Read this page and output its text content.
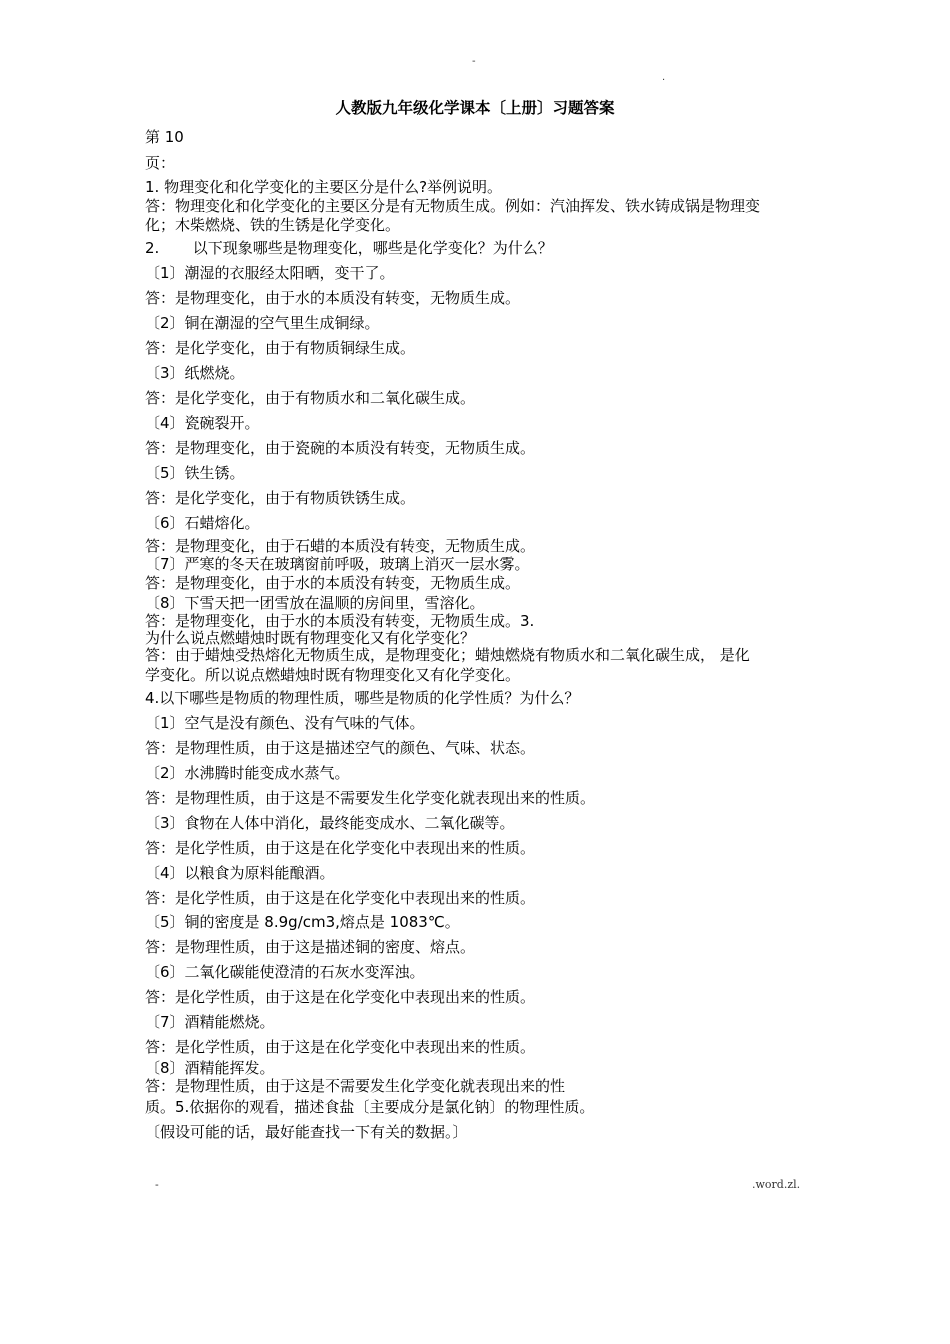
-
.
人教版九年级化学课本〔上册〕习题答案
第 10
页：
1. 物理变化和化学变化的主要区分是什么?举例说明。
答：物理变化和化学变化的主要区分是有无物质生成。例如：汽油挥发、铁水铸成锅是物理变
化；木柴燃烧、铁的生锈是化学变化。
2.       以下现象哪些是物理变化，哪些是化学变化？为什么？
〔1〕潮湿的衣服经太阳晒，变干了。
答：是物理变化，由于水的本质没有转变，无物质生成。
〔2〕铜在潮湿的空气里生成铜绿。
答：是化学变化，由于有物质铜绿生成。
〔3〕纸燃烧。
答：是化学变化，由于有物质水和二氧化碳生成。
〔4〕瓷碗裂开。
答：是物理变化，由于瓷碗的本质没有转变，无物质生成。
〔5〕铁生锈。
答：是化学变化，由于有物质铁锈生成。
〔6〕石蜡熔化。
答：是物理变化，由于石蜡的本质没有转变，无物质生成。
〔7〕严寒的冬天在玻璃窗前呼吸，玻璃上消灭一层水雾。
答：是物理变化，由于水的本质没有转变，无物质生成。
〔8〕下雪天把一团雪放在温顺的房间里，雪溶化。
答：是物理变化，由于水的本质没有转变，无物质生成。3.
为什么说点燃蜡烛时既有物理变化又有化学变化？
答：由于蜡烛受热熔化无物质生成，是物理变化；蜡烛燃烧有物质水和二氧化碳生成， 是化
学变化。所以说点燃蜡烛时既有物理变化又有化学变化。
4.以下哪些是物质的物理性质，哪些是物质的化学性质？为什么？
〔1〕空气是没有颜色、没有气味的气体。
答：是物理性质，由于这是描述空气的颜色、气味、状态。
〔2〕水沸腾时能变成水蒸气。
答：是物理性质，由于这是不需要发生化学变化就表现出来的性质。
〔3〕食物在人体中消化，最终能变成水、二氧化碳等。
答：是化学性质，由于这是在化学变化中表现出来的性质。
〔4〕以粮食为原料能酿酒。
答：是化学性质，由于这是在化学变化中表现出来的性质。
〔5〕铜的密度是 8.9g/cm3,熔点是 1083℃。
答：是物理性质，由于这是描述铜的密度、熔点。
〔6〕二氧化碳能使澄清的石灰水变浑浊。
答：是化学性质，由于这是在化学变化中表现出来的性质。
〔7〕酒精能燃烧。
答：是化学性质，由于这是在化学变化中表现出来的性质。
〔8〕酒精能挥发。
答：是物理性质，由于这是不需要发生化学变化就表现出来的性
质。5.依据你的观看，描述食盐〔主要成分是氯化钠〕的物理性质。
〔假设可能的话，最好能查找一下有关的数据。〕
-	.word.zl.
